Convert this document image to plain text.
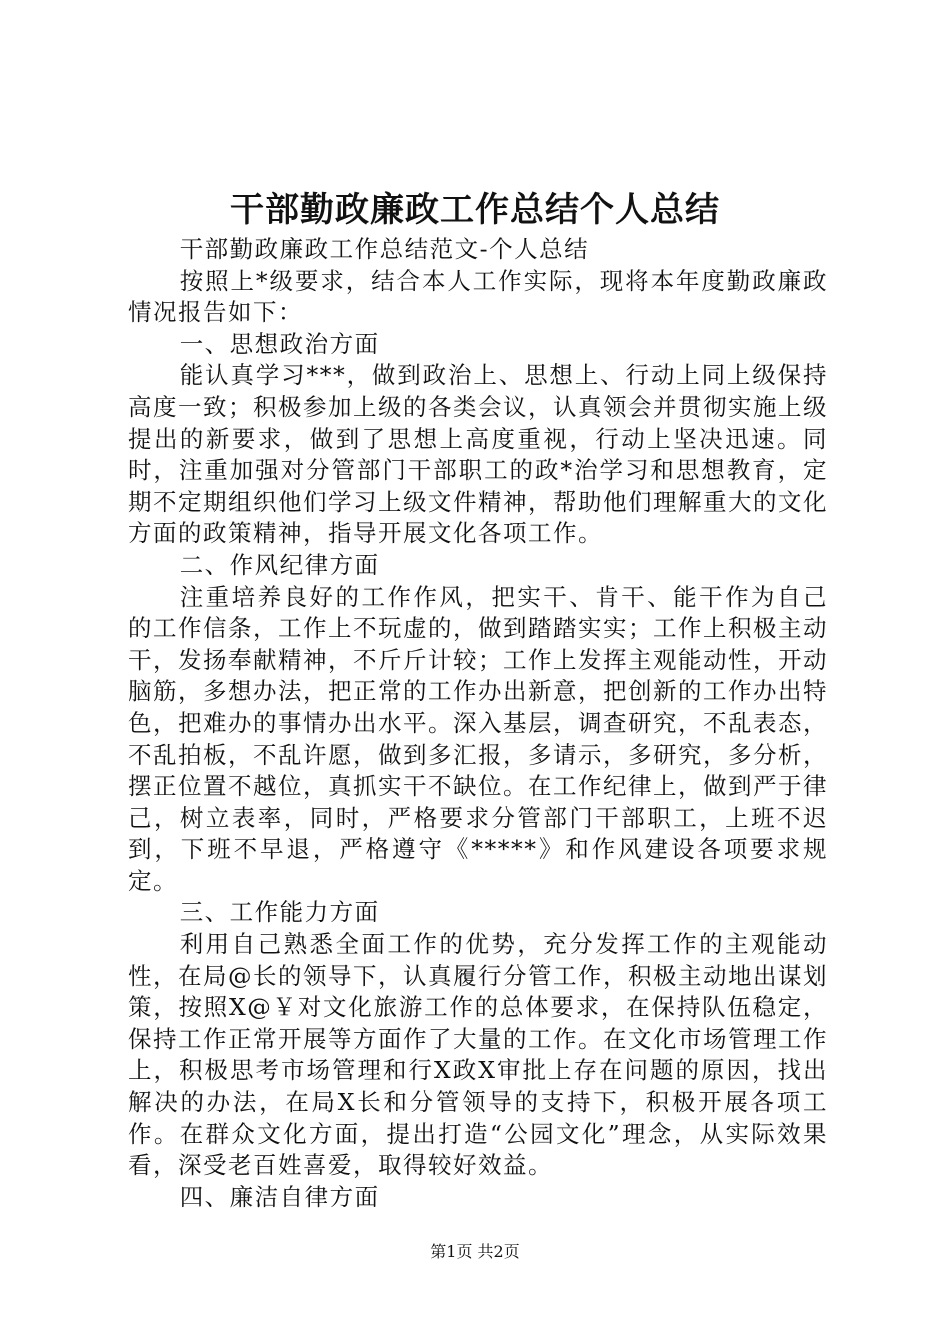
干部勤政廉政工作总结个人总结

干部勤政廉政工作总结范文-个人总结

按照上*级要求，结合本人工作实际，现将本年度勤政廉政情况报告如下：

一、思想政治方面

能认真学习***，做到政治上、思想上、行动上同上级保持高度一致；积极参加上级的各类会议，认真领会并贯彻实施上级提出的新要求，做到了思想上高度重视，行动上坚决迅速。同时，注重加强对分管部门干部职工的政*治学习和思想教育，定期不定期组织他们学习上级文件精神，帮助他们理解重大的文化方面的政策精神，指导开展文化各项工作。

二、作风纪律方面

注重培养良好的工作作风，把实干、肯干、能干作为自己的工作信条，工作上不玩虚的，做到踏踏实实；工作上积极主动干，发扬奉献精神，不斤斤计较；工作上发挥主观能动性，开动脑筋，多想办法，把正常的工作办出新意，把创新的工作办出特色，把难办的事情办出水平。深入基层，调查研究，不乱表态，不乱拍板，不乱许愿，做到多汇报，多请示，多研究，多分析，摆正位置不越位，真抓实干不缺位。在工作纪律上，做到严于律己，树立表率，同时，严格要求分管部门干部职工，上班不迟到，下班不早退，严格遵守《*****》和作风建设各项要求规定。

三、工作能力方面

利用自己熟悉全面工作的优势，充分发挥工作的主观能动性，在局@长的领导下，认真履行分管工作，积极主动地出谋划策，按照X@￥对文化旅游工作的总体要求，在保持队伍稳定，保持工作正常开展等方面作了大量的工作。在文化市场管理工作上，积极思考市场管理和行X政X审批上存在问题的原因，找出解决的办法，在局X长和分管领导的支持下，积极开展各项工作。在群众文化方面，提出打造“公园文化”理念，从实际效果看，深受老百姓喜爱，取得较好效益。

四、廉洁自律方面

第1页 共2页
